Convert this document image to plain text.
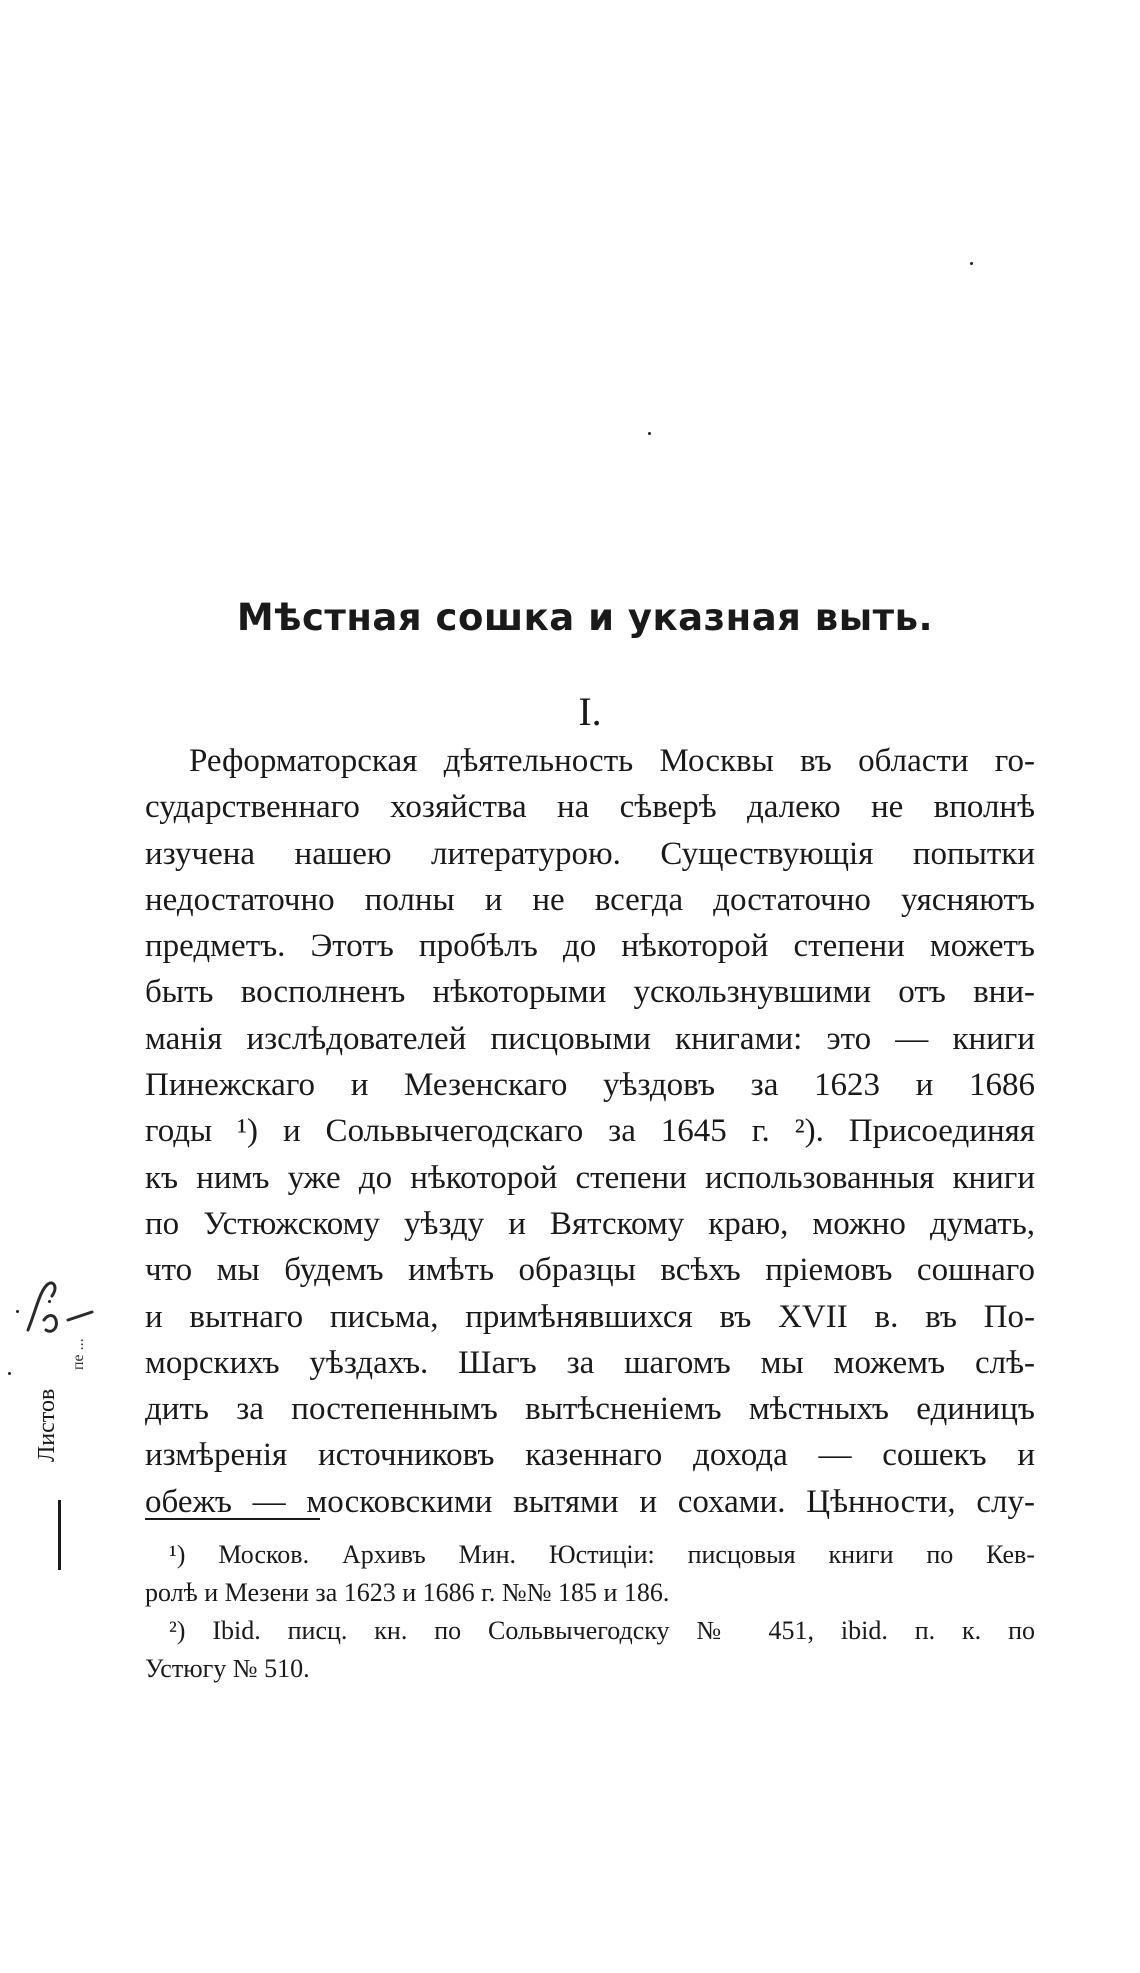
Мѣстная сошка и указная выть.
I.
Реформаторская дѣятельность Москвы въ области го-
сударственнаго хозяйства на сѣверѣ далеко не вполнѣ
изучена нашею литературою. Существующія попытки
недостаточно полны и не всегда достаточно уясняютъ
предметъ. Этотъ пробѣлъ до нѣкоторой степени можетъ
быть восполненъ нѣкоторыми ускользнувшими отъ вни-
манія изслѣдователей писцовыми книгами: это — книги
Пинежскаго и Мезенскаго уѣздовъ за 1623 и 1686
годы ¹) и Сольвычегодскаго за 1645 г. ²). Присоединяя
къ нимъ уже до нѣкоторой степени использованныя книги
по Устюжскому уѣзду и Вятскому краю, можно думать,
что мы будемъ имѣть образцы всѣхъ пріемовъ сошнаго
и вытнаго письма, примѣнявшихся въ XVII в. въ По-
морскихъ уѣздахъ. Шагъ за шагомъ мы можемъ слѣ-
дить за постепеннымъ вытѣсненіемъ мѣстныхъ единицъ
измѣренія источниковъ казеннаго дохода — сошекъ и
обежъ — московскими вытями и сохами. Цѣнности, слу-
¹) Москов. Архивъ Мин. Юстиціи: писцовыя книги по Кев-
ролѣ и Мезени за 1623 и 1686 г. №№ 185 и 186.
²) Ibid. писц. кн. по Сольвычегодску № 451, ibid. п. к. по
Устюгу № 510.
Листов
пе ...
